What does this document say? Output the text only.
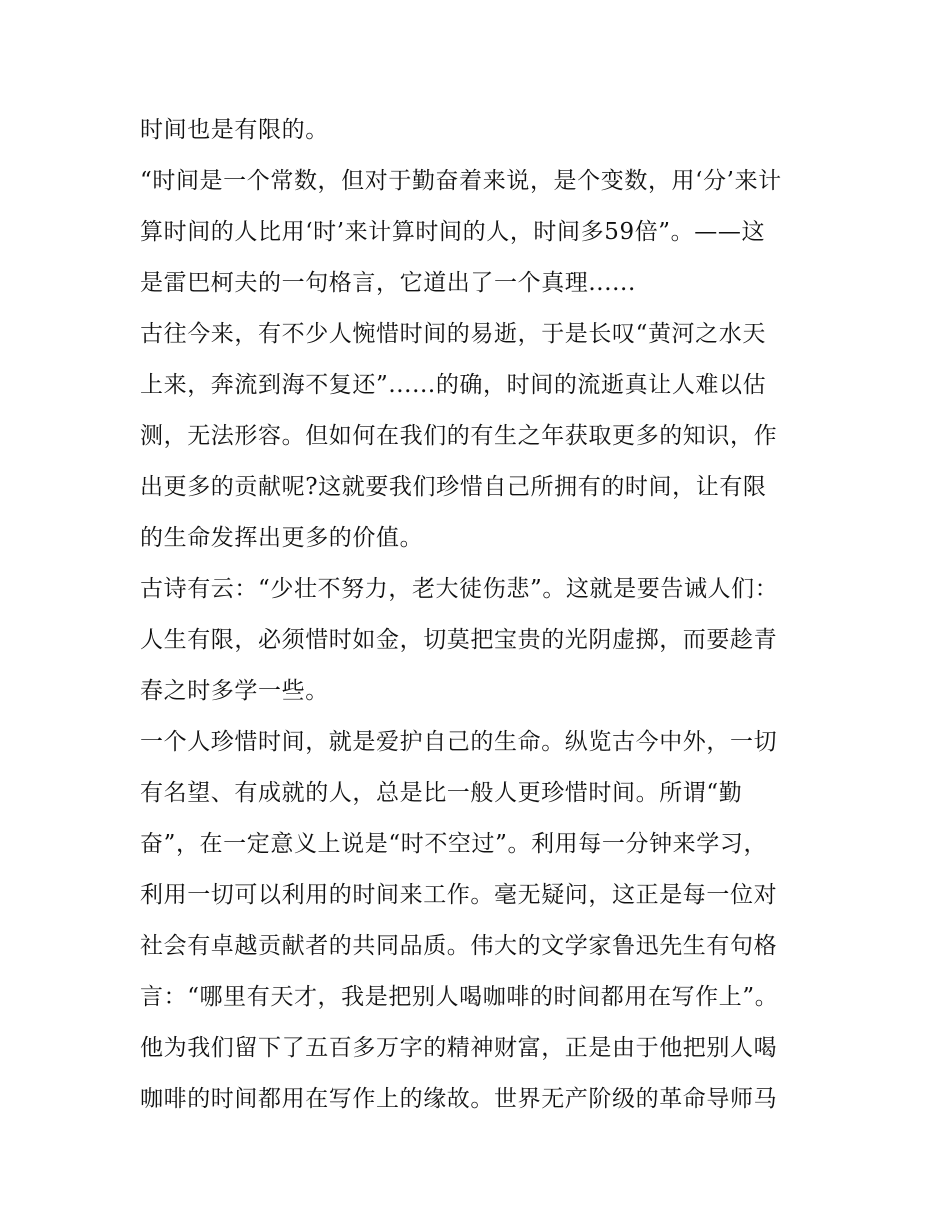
时间也是有限的。
“时间是一个常数，但对于勤奋着来说，是个变数，用‘分’来计
算时间的人比用‘时’来计算时间的人，时间多59倍”。——这
是雷巴柯夫的一句格言，它道出了一个真理......
古往今来，有不少人惋惜时间的易逝，于是长叹“黄河之水天
上来，奔流到海不复还”......的确，时间的流逝真让人难以估
测，无法形容。但如何在我们的有生之年获取更多的知识，作
出更多的贡献呢?这就要我们珍惜自己所拥有的时间，让有限
的生命发挥出更多的价值。
古诗有云：“少壮不努力，老大徒伤悲”。这就是要告诫人们：
人生有限，必须惜时如金，切莫把宝贵的光阴虚掷，而要趁青
春之时多学一些。
一个人珍惜时间，就是爱护自己的生命。纵览古今中外，一切
有名望、有成就的人，总是比一般人更珍惜时间。所谓“勤
奋”，在一定意义上说是“时不空过”。利用每一分钟来学习，
利用一切可以利用的时间来工作。毫无疑问，这正是每一位对
社会有卓越贡献者的共同品质。伟大的文学家鲁迅先生有句格
言：“哪里有天才，我是把别人喝咖啡的时间都用在写作上”。
他为我们留下了五百多万字的精神财富，正是由于他把别人喝
咖啡的时间都用在写作上的缘故。世界无产阶级的革命导师马
